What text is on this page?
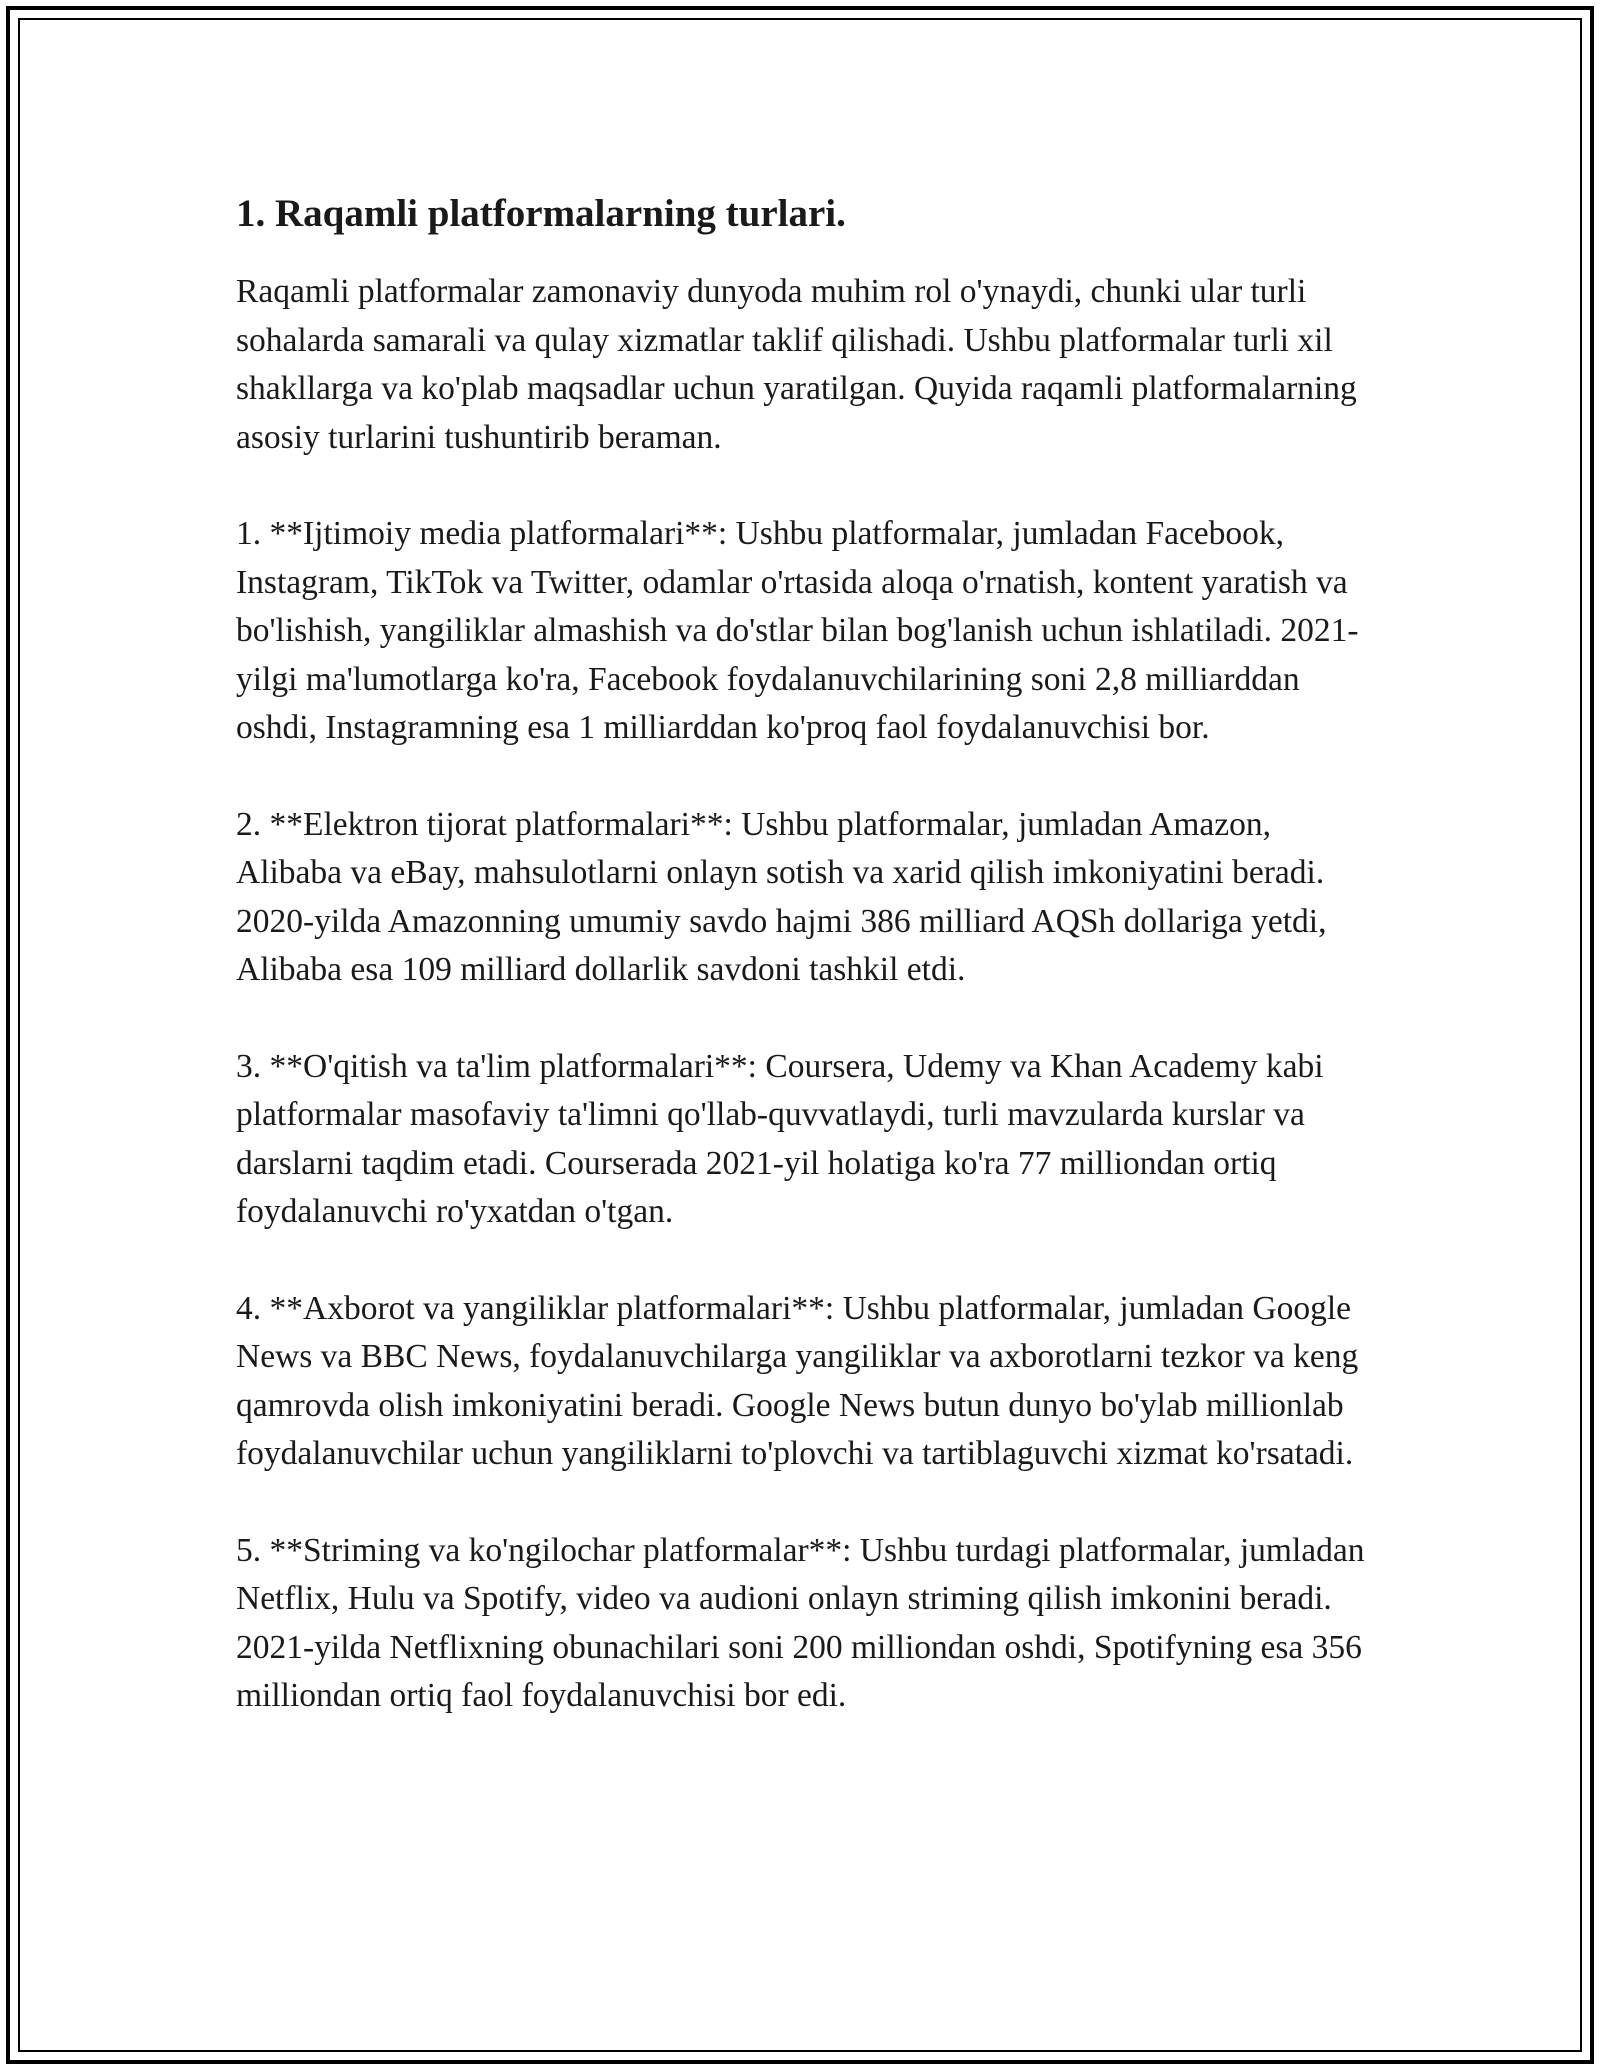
1. Raqamli platformalarning turlari.

Raqamli platformalar zamonaviy dunyoda muhim rol o'ynaydi, chunki ular turli sohalarda samarali va qulay xizmatlar taklif qilishadi. Ushbu platformalar turli xil shakllarga va ko'plab maqsadlar uchun yaratilgan. Quyida raqamli platformalarning asosiy turlarini tushuntirib beraman.

1. **Ijtimoiy media platformalari**: Ushbu platformalar, jumladan Facebook, Instagram, TikTok va Twitter, odamlar o'rtasida aloqa o'rnatish, kontent yaratish va bo'lishish, yangiliklar almashish va do'stlar bilan bog'lanish uchun ishlatiladi. 2021-yilgi ma'lumotlarga ko'ra, Facebook foydalanuvchilarining soni 2,8 milliarddan oshdi, Instagramning esa 1 milliarddan ko'proq faol foydalanuvchisi bor.

2. **Elektron tijorat platformalari**: Ushbu platformalar, jumladan Amazon, Alibaba va eBay, mahsulotlarni onlayn sotish va xarid qilish imkoniyatini beradi. 2020-yilda Amazonning umumiy savdo hajmi 386 milliard AQSh dollariga yetdi, Alibaba esa 109 milliard dollarlik savdoni tashkil etdi.

3. **O'qitish va ta'lim platformalari**: Coursera, Udemy va Khan Academy kabi platformalar masofaviy ta'limni qo'llab-quvvatlaydi, turli mavzularda kurslar va darslarni taqdim etadi. Courserada 2021-yil holatiga ko'ra 77 milliondan ortiq foydalanuvchi ro'yxatdan o'tgan.

4. **Axborot va yangiliklar platformalari**: Ushbu platformalar, jumladan Google News va BBC News, foydalanuvchilarga yangiliklar va axborotlarni tezkor va keng qamrovda olish imkoniyatini beradi. Google News butun dunyo bo'ylab millionlab foydalanuvchilar uchun yangiliklarni to'plovchi va tartiblaguvchi xizmat ko'rsatadi.

5. **Striming va ko'ngilochar platformalar**: Ushbu turdagi platformalar, jumladan Netflix, Hulu va Spotify, video va audioni onlayn striming qilish imkonini beradi. 2021-yilda Netflixning obunachilari soni 200 milliondan oshdi, Spotifyning esa 356 milliondan ortiq faol foydalanuvchisi bor edi.
